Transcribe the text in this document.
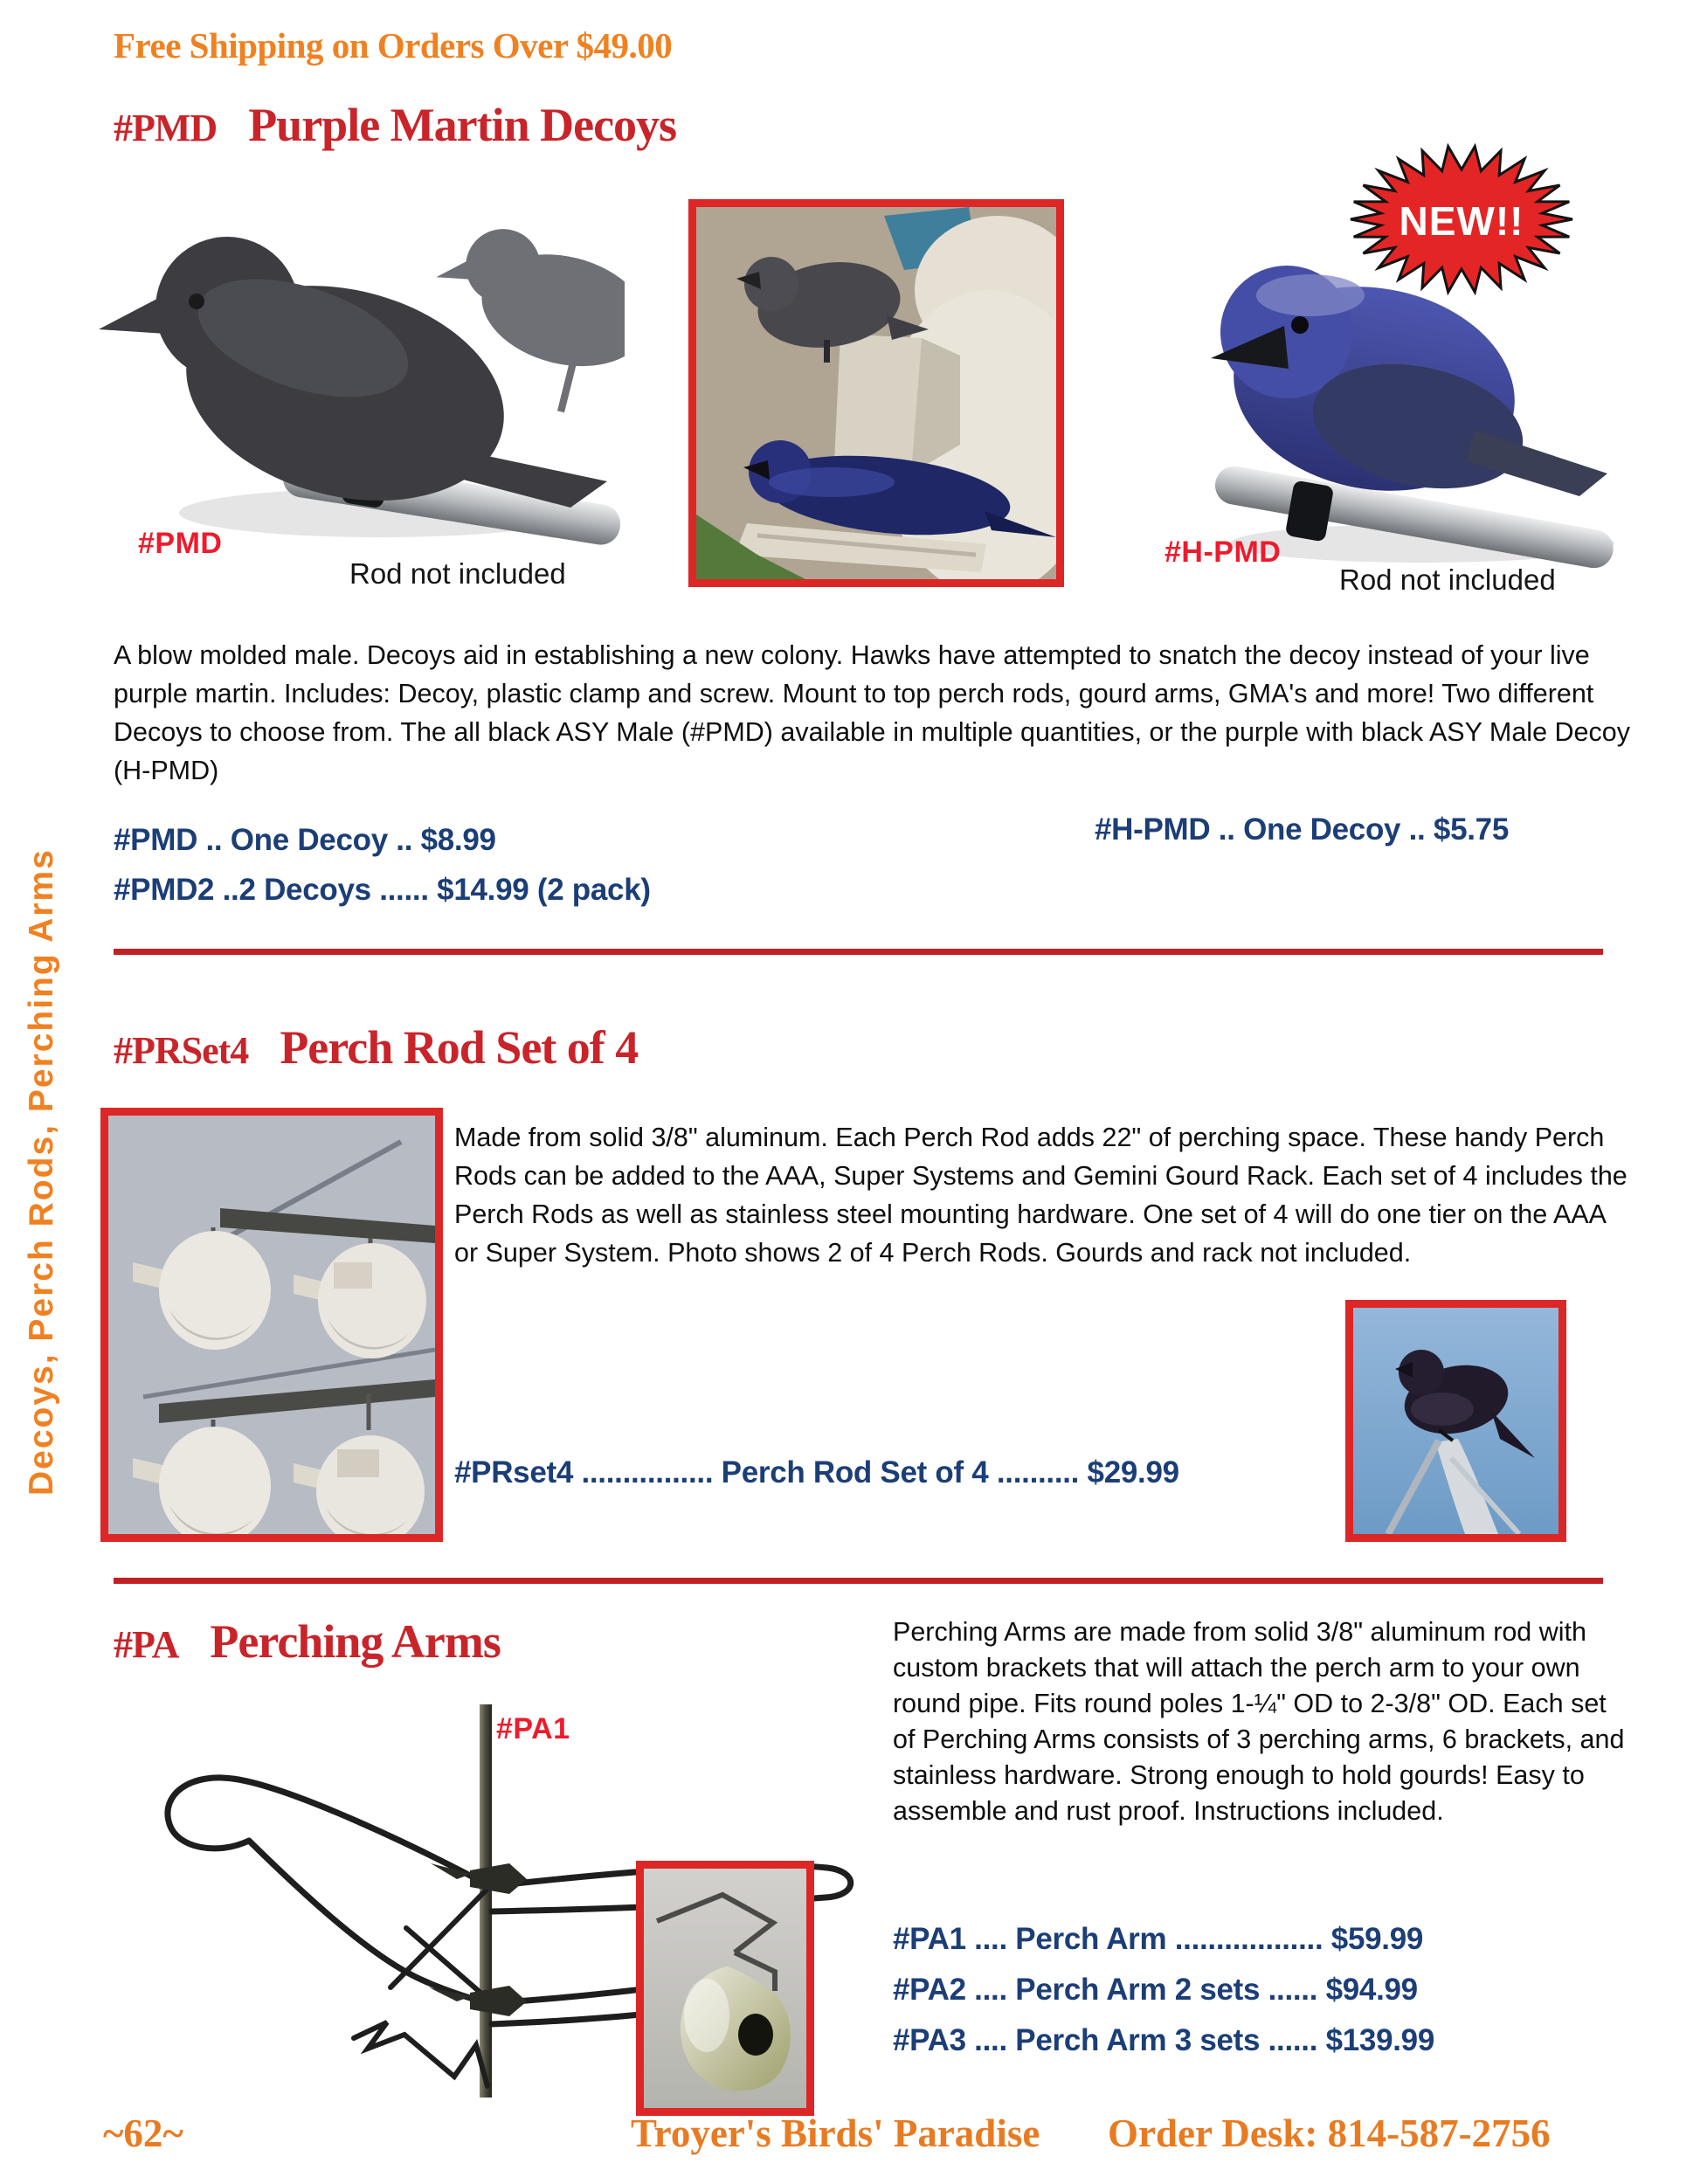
Free Shipping on Orders Over $49.00
#PMD Purple Martin Decoys
#PMD
Rod not included
NEW!!
#H-PMD
Rod not included
A blow molded male. Decoys aid in establishing a new colony. Hawks have attempted to snatch the decoy instead of your live purple martin. Includes: Decoy, plastic clamp and screw. Mount to top perch rods, gourd arms, GMA's and more! Two different Decoys to choose from. The all black ASY Male (#PMD) available in multiple quantities, or the purple with black ASY Male Decoy (H-PMD)
#PMD .. One Decoy .. $8.99
#PMD2 ..2 Decoys ...... $14.99 (2 pack)
#H-PMD .. One Decoy .. $5.75
#PRSet4 Perch Rod Set of 4
Made from solid 3/8" aluminum. Each Perch Rod adds 22" of perching space. These handy Perch Rods can be added to the AAA, Super Systems and Gemini Gourd Rack. Each set of 4 includes the Perch Rods as well as stainless steel mounting hardware. One set of 4 will do one tier on the AAA or Super System. Photo shows 2 of 4 Perch Rods. Gourds and rack not included.
#PRset4 ................ Perch Rod Set of 4 .......... $29.99
#PA Perching Arms
#PA1
Perching Arms are made from solid 3/8" aluminum rod with custom brackets that will attach the perch arm to your own round pipe. Fits round poles 1-¼" OD to 2-3/8" OD. Each set of Perching Arms consists of 3 perching arms, 6 brackets, and stainless hardware. Strong enough to hold gourds! Easy to assemble and rust proof. Instructions included.
#PA1 .... Perch Arm .................. $59.99
#PA2 .... Perch Arm 2 sets ...... $94.99
#PA3 .... Perch Arm 3 sets ...... $139.99
~62~	Troyer's Birds' Paradise Order Desk: 814-587-2756
Decoys, Perch Rods, Perching Arms
